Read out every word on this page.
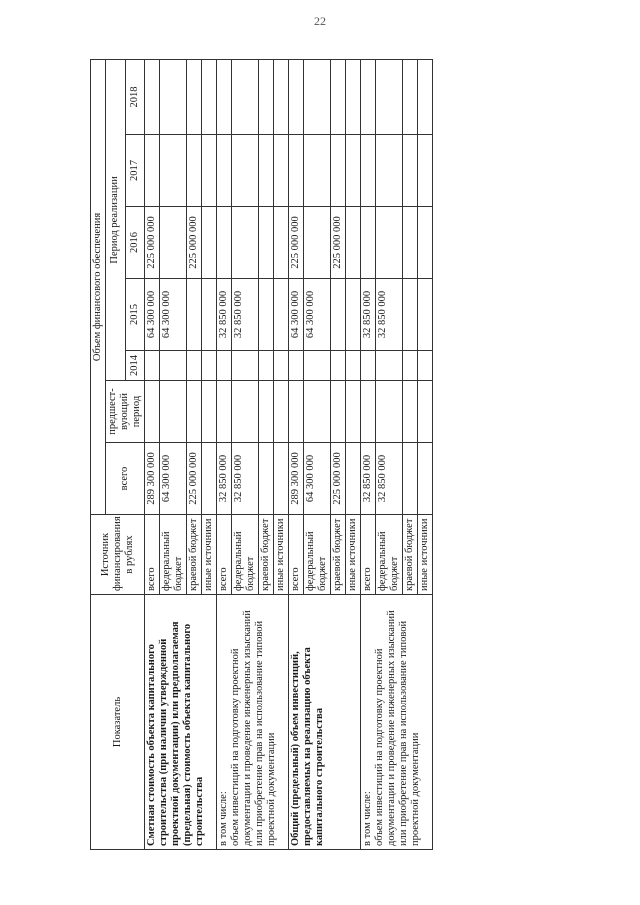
22
Показатель	Источник финансирования в рублях	Объем финансового обеспечения						
		всего	предшест-вующий период	Период реализации				
				2014	2015	2016	2017	2018
Сметная стоимость объекта капитального строительства (при наличии утвержденной проектной документации) или предполагаемая (предельная) стоимость объекта капитального строительства	всего	289 300 000			64 300 000	225 000 000		
	федеральный бюджет	64 300 000			64 300 000			
	краевой бюджет	225 000 000				225 000 000		
	иные источники							
в том числе:
объем инвестиций на подготовку проектной документации и проведение инженерных изысканий или приобретение прав на использование типовой проектной документации	всего	32 850 000			32 850 000			
	федеральный бюджет	32 850 000			32 850 000			
	краевой бюджет							
	иные источники							
Общий (предельный) объем инвестиций, предоставляемых на реализацию объекта капитального строительства	всего	289 300 000			64 300 000	225 000 000		
	федеральный бюджет	64 300 000			64 300 000			
	краевой бюджет	225 000 000				225 000 000		
	иные источники							
в том числе:
объем инвестиций на подготовку проектной документации и проведение инженерных изысканий или приобретение прав на использование типовой проектной документации	всего	32 850 000			32 850 000			
	федеральный бюджет	32 850 000			32 850 000			
	краевой бюджет							
	иные источники							
